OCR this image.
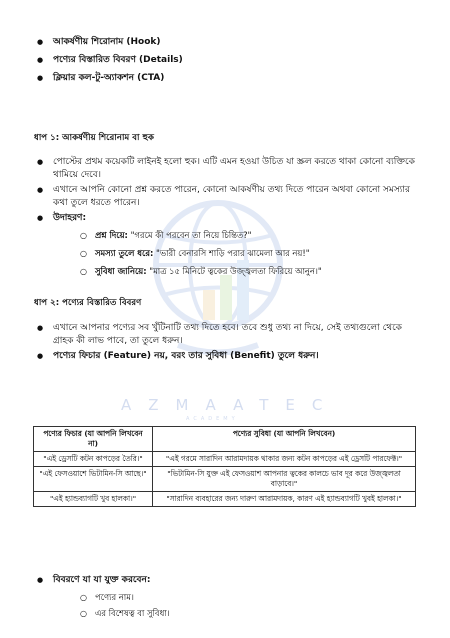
● আকর্ষণীয় শিরোনাম (Hook)
● পণ্যের বিস্তারিত বিবরণ (Details)
● ক্লিয়ার কল-টু-অ্যাকশন (CTA)
ধাপ ১: আকর্ষণীয় শিরোনাম বা হুক
● পোস্টের প্রথম কয়েকটি লাইনই হলো হুক। এটি এমন হওয়া উচিত যা স্ক্রল করতে থাকা কোনো ব্যক্তিকে থামিয়ে দেবে।
● এখানে আপনি কোনো প্রশ্ন করতে পারেন, কোনো আকর্ষণীয় তথ্য দিতে পারেন অথবা কোনো সমস্যার কথা তুলে ধরতে পারেন।
● উদাহরণ:
○ প্রশ্ন দিয়ে: "গরমে কী পরবেন তা নিয়ে চিন্তিত?"
○ সমস্যা তুলে ধরে: "ভারী বেনারসি শাড়ি পরার ঝামেলা আর নয়!"
○ সুবিধা জানিয়ে: "মাত্র ১৫ মিনিটে ত্বকের উজ্জ্বলতা ফিরিয়ে আনুন।"
ধাপ ২: পণ্যের বিস্তারিত বিবরণ
● এখানে আপনার পণ্যের সব খুঁটিনাটি তথ্য দিতে হবে। তবে শুধু তথ্য না দিয়ে, সেই তথ্যগুলো থেকে গ্রাহক কী লাভ পাবে, তা তুলে ধরুন।
● পণ্যের ফিচার (Feature) নয়, বরং তার সুবিধা (Benefit) তুলে ধরুন।
AZMAATEC
ACADEMY
পণ্যের ফিচার (যা আপনি লিখবেন না)	পণ্যের সুবিধা (যা আপনি লিখবেন)
"এই ড্রেসটি কটন কাপড়ের তৈরি।"	"এই গরমে সারাদিন আরামদায়ক থাকার জন্য কটন কাপড়ের এই ড্রেসটি পারফেক্ট।"
"এই ফেসওয়াশে ভিটামিন-সি আছে।"	"ভিটামিন-সি যুক্ত এই ফেসওয়াশ আপনার ত্বকের কালচে ভাব দূর করে উজ্জ্বলতা বাড়াবে।"
"এই হ্যান্ডব্যাগটি খুব হালকা।"	"সারাদিন ব্যবহারের জন্য দারুণ আরামদায়ক, কারণ এই হ্যান্ডব্যাগটি খুবই হালকা।"
● বিবরণে যা যা যুক্ত করবেন:
○ পণ্যের নাম।
○ এর বিশেষত্ব বা সুবিধা।
